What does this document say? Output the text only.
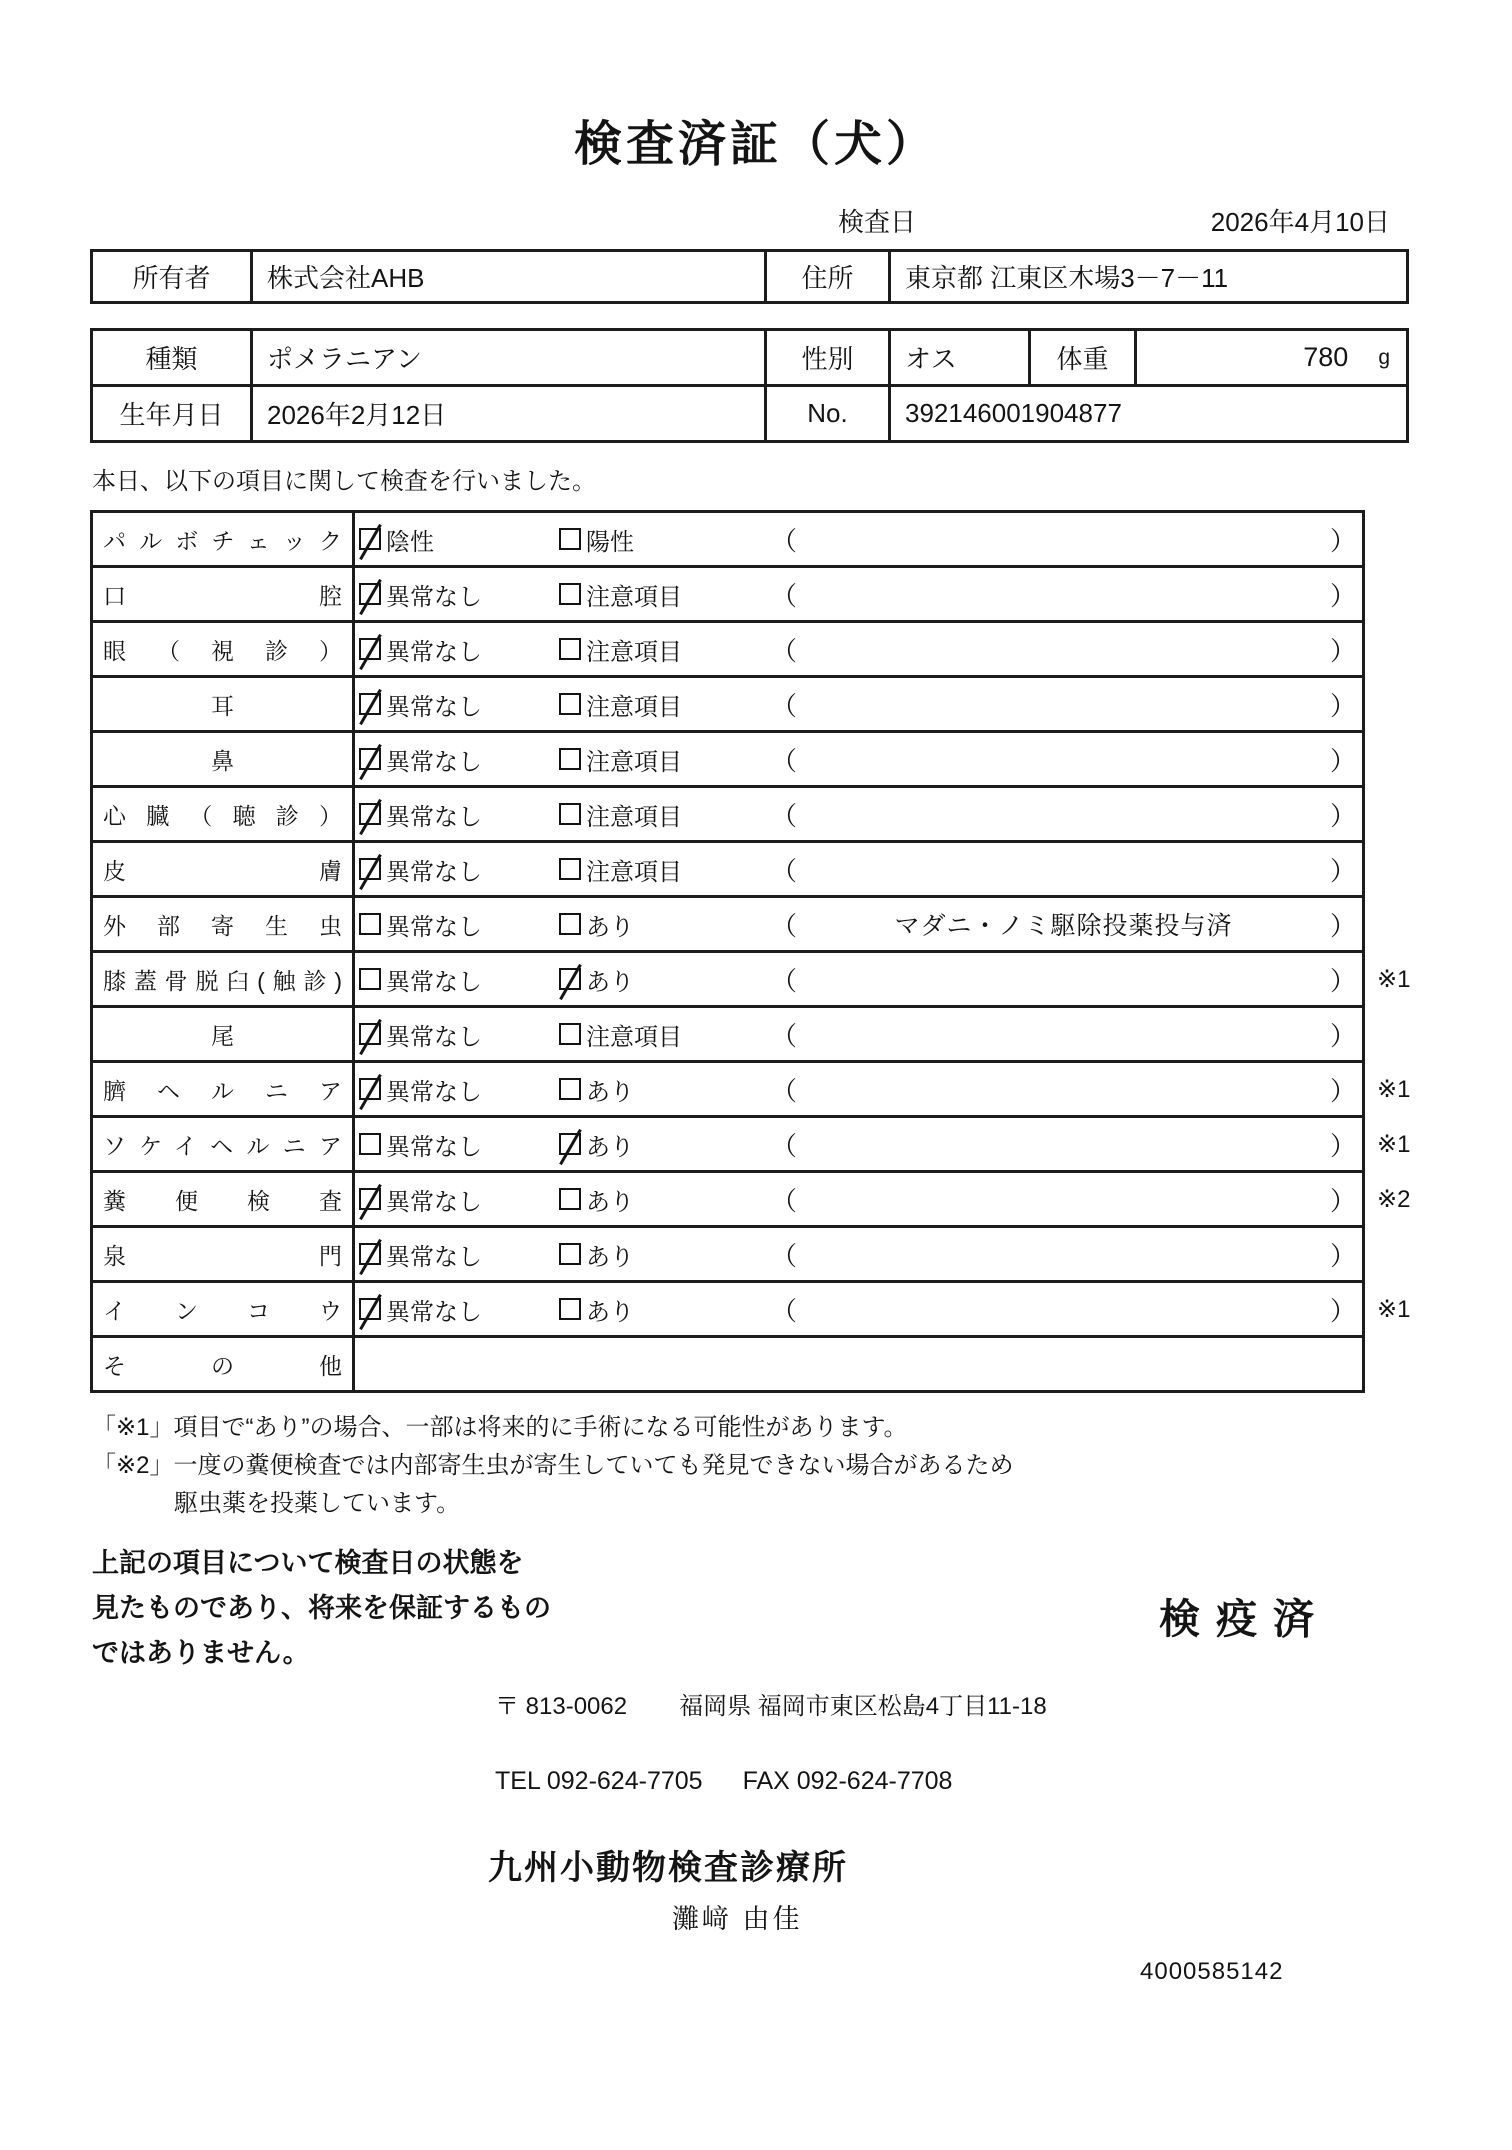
検査済証（犬）
検査日	2026年4月10日
所有者	株式会社AHB	住所	東京都 江東区木場3－7－11
種類	ポメラニアン	性別	オス	体重	780 g

生年月日	2026年2月12日	No.	392146001904877		
本日、以下の項目に関して検査を行いました。
パルボチェック	陰性 陽性 （ ）	

口腔	異常なし 注意項目 （ ）	

眼（視診）	異常なし 注意項目 （ ）	

耳	異常なし 注意項目 （ ）	

鼻	異常なし 注意項目 （ ）	

心臓（聴診）	異常なし 注意項目 （ ）	

皮膚	異常なし 注意項目 （ ）	

外部寄生虫	異常なし あり （ マダニ・ノミ駆除投薬投与済 ）	

膝蓋骨脱臼(触診)	異常なし あり （ ）	※1
尾	異常なし 注意項目 （ ）	

臍ヘルニア	異常なし あり （ ）	※1
ソケイヘルニア	異常なし あり （ ）	※1
糞便検査	異常なし あり （ ）	※2
泉門	異常なし あり （ ）	

インコウ	異常なし あり （ ）	※1
その他	

「※1」項目で“あり”の場合、一部は将来的に手術になる可能性があります。
「※2」一度の糞便検査では内部寄生虫が寄生していても発見できない場合があるため
駆虫薬を投薬しています。
上記の項目について検査日の状態を
見たものであり、将来を保証するもの
ではありません。
検疫済
〒 813-0062 福岡県 福岡市東区松島4丁目11-18
TEL 092-624-7705 FAX 092-624-7708
九州小動物検査診療所
灘﨑 由佳
4000585142
